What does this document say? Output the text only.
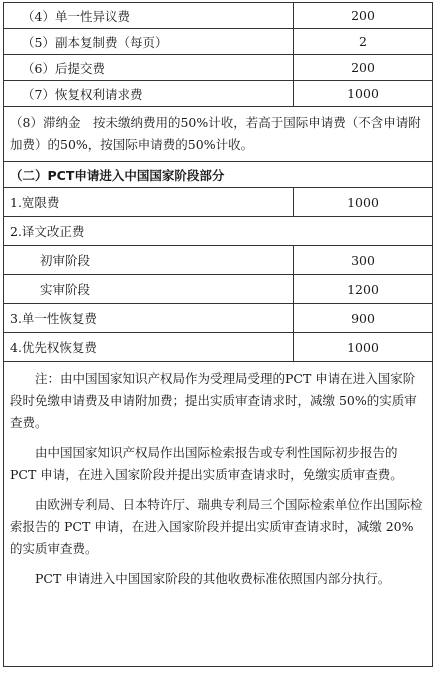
（4）单一性异议费	200
（5）副本复制费（每页）	2
（6）后提交费	200
（7）恢复权利请求费	1000
（8）滞纳金　按未缴纳费用的50%计收，若高于国际申请费（不含申请附加费）的50%，按国际申请费的50%计收。	
（二）PCT申请进入中国国家阶段部分	
1.宽限费	1000
2.译文改正费	
初审阶段	300
实审阶段	1200
3.单一性恢复费	900
4.优先权恢复费	1000

注：由中国国家知识产权局作为受理局受理的PCT 申请在进入国家阶段时免缴申请费及申请附加费；提出实质审查请求时，减缴 50%的实质审查费。

由中国国家知识产权局作出国际检索报告或专利性国际初步报告的 PCT 申请，在进入国家阶段并提出实质审查请求时，免缴实质审查费。

由欧洲专利局、日本特许厅、瑞典专利局三个国际检索单位作出国际检索报告的 PCT 申请，在进入国家阶段并提出实质审查请求时，减缴 20%的实质审查费。

PCT 申请进入中国国家阶段的其他收费标准依照国内部分执行。	
